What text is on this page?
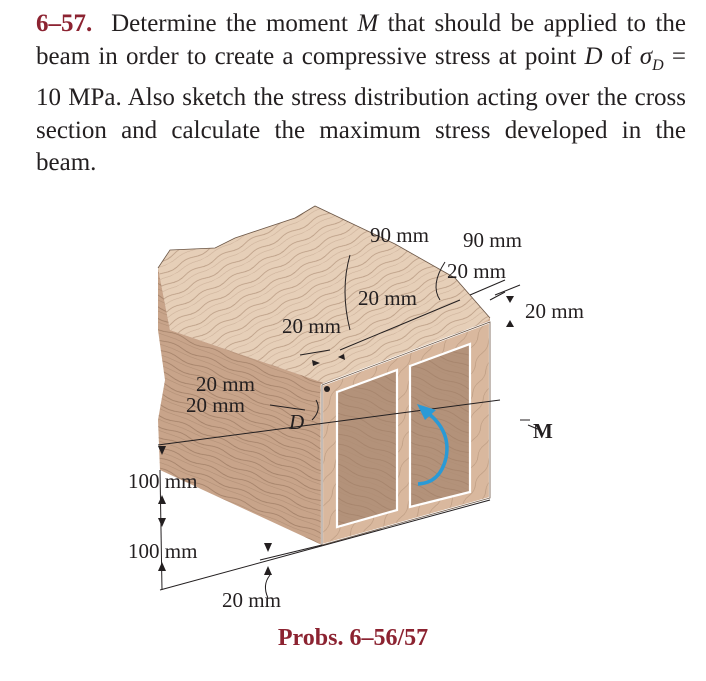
6–57. Determine the moment M that should be applied to the beam in order to create a compressive stress at point D of $\sigma_D = 10$ MPa. Also sketch the stress distribution acting over the cross section and calculate the maximum stress developed in the beam.
90 mm 90 mm
20 mm
20 mm
20 mm
20 mm
20 mm
20 mm
D	M
100 mm
100 mm
20 mm
Probs. 6–56/57
